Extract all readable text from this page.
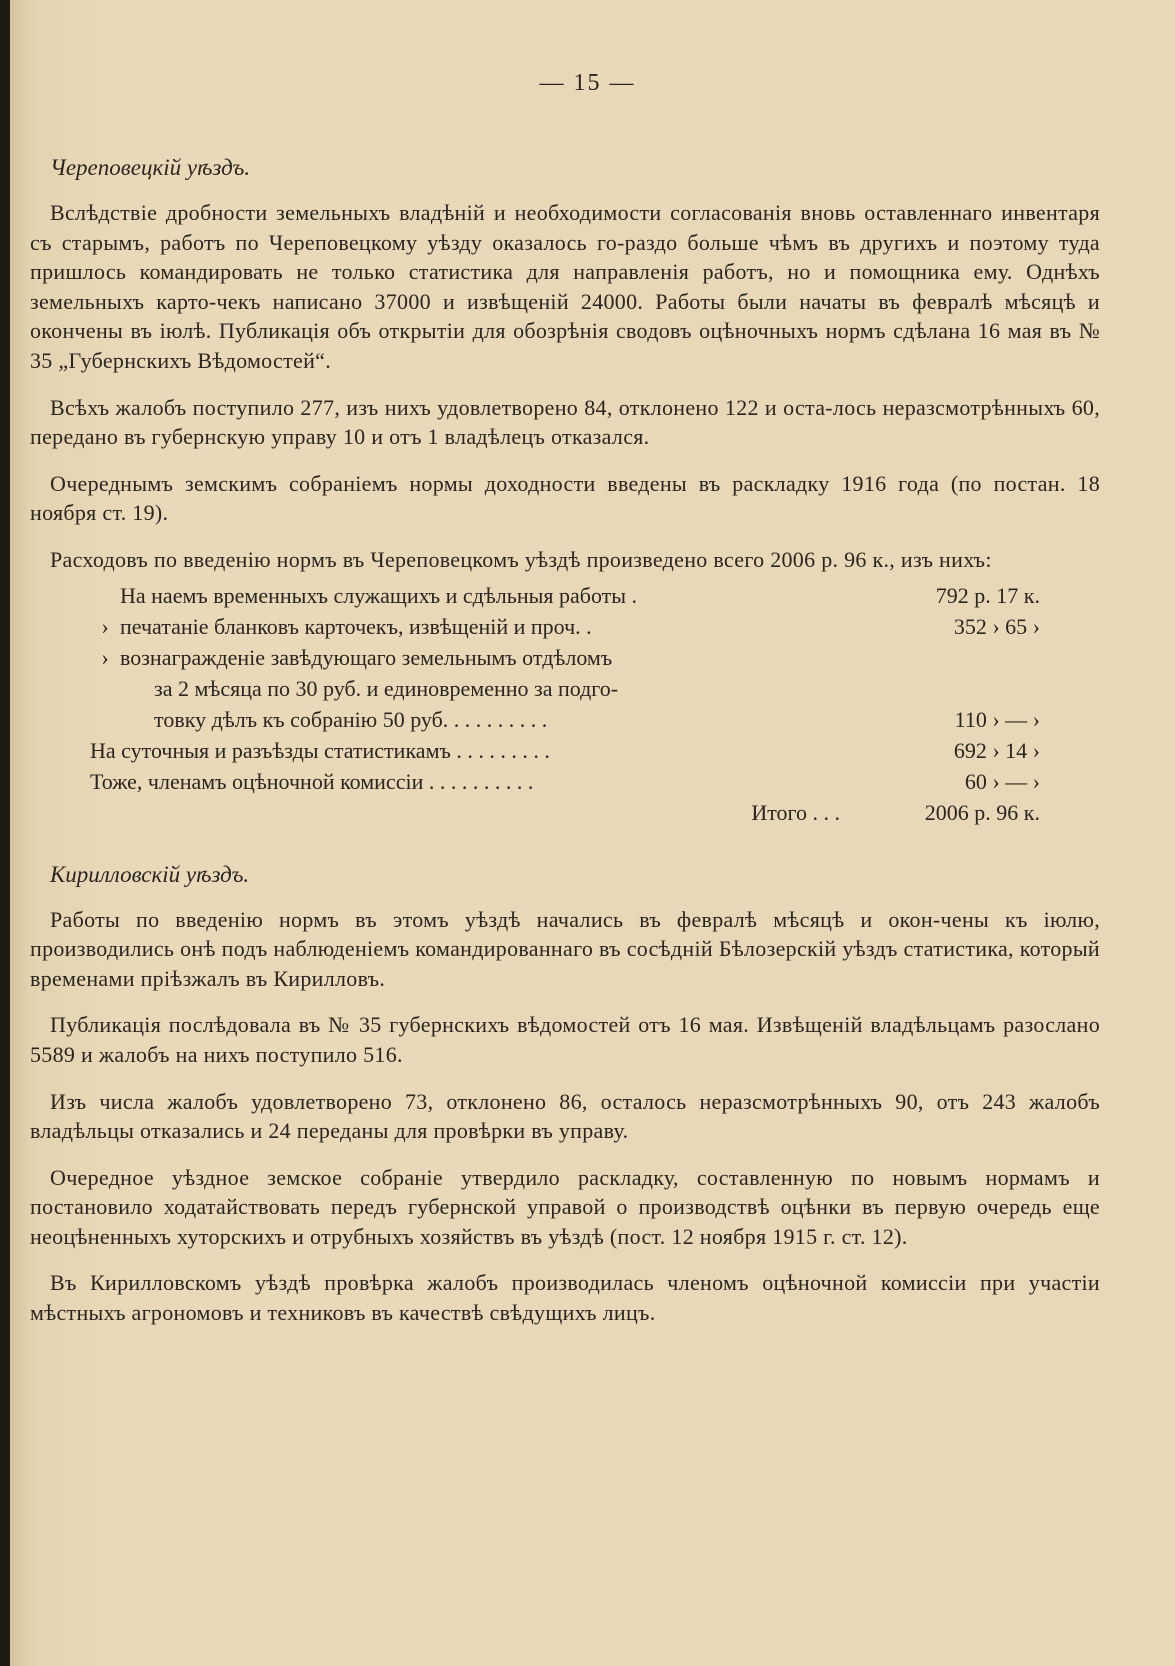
— 15 —
Череповецкій уѣздъ.

Вслѣдствіе дробности земельныхъ владѣній и необходимости согласованія вновь оставленнаго инвентаря съ старымъ, работъ по Череповецкому уѣзду оказалось го-раздо больше чѣмъ въ другихъ и поэтому туда пришлось командировать не только статистика для направленія работъ, но и помощника ему. Однѣхъ земельныхъ карто-чекъ написано 37000 и извѣщеній 24000. Работы были начаты въ февралѣ мѣсяцѣ и окончены въ іюлѣ. Публикація объ открытіи для обозрѣнія сводовъ оцѣночныхъ нормъ сдѣлана 16 мая въ № 35 „Губернскихъ Вѣдомостей“.

Всѣхъ жалобъ поступило 277, изъ нихъ удовлетворено 84, отклонено 122 и оста-лось неразсмотрѣнныхъ 60, передано въ губернскую управу 10 и отъ 1 владѣлецъ отказался.

Очереднымъ земскимъ собраніемъ нормы доходности введены въ раскладку 1916 года (по постан. 18 ноября ст. 19).

Расходовъ по введенію нормъ въ Череповецкомъ уѣздѣ произведено всего 2006 р. 96 к., изъ нихъ:

На наемъ временныхъ служащихъ и сдѣльныя работы .	792 р. 17 к.
› печатаніе бланковъ карточекъ, извѣщеній и проч. .	352 › 65 ›
› вознагражденіе завѣдующаго земельнымъ отдѣломъ	

за 2 мѣсяца по 30 руб. и единовременно за подго-	

товку дѣлъ къ собранію 50 руб. . . . . . . . . .	110 › — ›
На суточныя и разъѣзды статистикамъ . . . . . . . . .	692 › 14 ›
Тоже, членамъ оцѣночной комиссіи . . . . . . . . . .	60 › — ›
Итого . . .	2006 р. 96 к.
Кирилловскій уѣздъ.

Работы по введенію нормъ въ этомъ уѣздѣ начались въ февралѣ мѣсяцѣ и окон-чены къ іюлю, производились онѣ подъ наблюденіемъ командированнаго въ сосѣдній Бѣлозерскій уѣздъ статистика, который временами пріѣзжалъ въ Кирилловъ.

Публикація послѣдовала въ № 35 губернскихъ вѣдомостей отъ 16 мая. Извѣщеній владѣльцамъ разослано 5589 и жалобъ на нихъ поступило 516.

Изъ числа жалобъ удовлетворено 73, отклонено 86, осталось неразсмотрѣнныхъ 90, отъ 243 жалобъ владѣльцы отказались и 24 переданы для провѣрки въ управу.

Очередное уѣздное земское собраніе утвердило раскладку, составленную по новымъ нормамъ и постановило ходатайствовать передъ губернской управой о производствѣ оцѣнки въ первую очередь еще неоцѣненныхъ хуторскихъ и отрубныхъ хозяйствъ въ уѣздѣ (пост. 12 ноября 1915 г. ст. 12).

Въ Кирилловскомъ уѣздѣ провѣрка жалобъ производилась членомъ оцѣночной комиссіи при участіи мѣстныхъ агрономовъ и техниковъ въ качествѣ свѣдущихъ лицъ.
